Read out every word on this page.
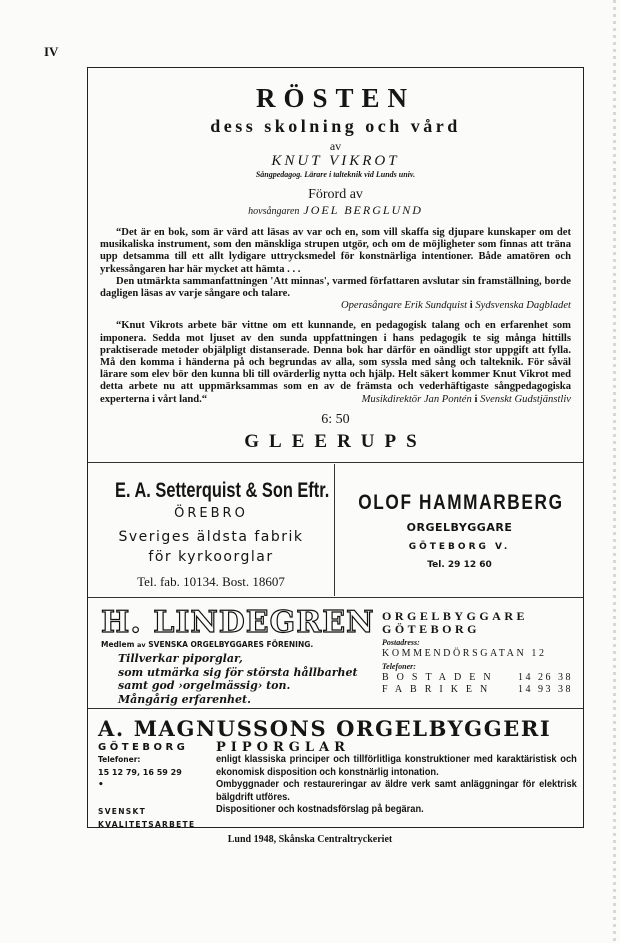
IV
RÖSTEN
dess skolning och vård
av
KNUT VIKROT
Sångpedagog. Lärare i talteknik vid Lunds univ.
Förord av
hovsångaren JOEL BERGLUND

“Det är en bok, som är värd att läsas av var och en, som vill skaffa sig djupare kunskaper om det musikaliska instrument, som den mänskliga strupen utgör, och om de möjligheter som finnas att träna upp detsamma till ett allt lydigare uttrycksmedel för konstnärliga intentioner. Både amatören och yrkessångaren har här mycket att hämta . . .

Den utmärkta sammanfattningen 'Att minnas', varmed författaren avslutar sin framställning, borde dagligen läsas av varje sångare och talare.

Operasångare Erik Sundquist i Sydsvenska Dagbladet

“Knut Vikrots arbete bär vittne om ett kunnande, en pedagogisk talang och en erfarenhet som imponera. Sedda mot ljuset av den sunda uppfattningen i hans pedagogik te sig många hittills praktiserade metoder objälpligt distanserade. Denna bok har därför en oändligt stor uppgift att fylla. Må den komma i händerna på och begrundas av alla, som syssla med sång och talteknik. För såväl lärare som elev bör den kunna bli till ovärderlig nytta och hjälp. Helt säkert kommer Knut Vikrot med detta arbete nu att uppmärksammas som en av de främsta och vederhäftigaste sångpedagogiska experterna i vårt land.“	Musikdirektör Jan Pontén i Svenskt Gudstjänstliv

6: 50
GLEERUPS
E. A. Setterquist & Son Eftr.
ÖREBRO
Sveriges äldsta fabrik
för kyrkoorglar
Tel. fab. 10134. Bost. 18607
OLOF HAMMARBERG
ORGELBYGGARE
GÖTEBORG V.
Tel. 29 12 60
H. LINDEGREN
Medlem av SVENSKA ORGELBYGGARES FÖRENING.
Tillverkar piporglar,
som utmärka sig för största hållbarhet
samt god ›orgelmässig› ton.
Mångårig erfarenhet.
ORGELBYGGARE
GÖTEBORG
Postadress:
KOMMENDÖRSGATAN 12
Telefoner:
BOSTADEN	14 26 38
FABRIKEN	14 93 38
A. MAGNUSSONS ORGELBYGGERI
GÖTEBORG
Telefoner:
15 12 79, 16 59 29
•
SVENSKT
KVALITETSARBETE
PIPORGLAR

enligt klassiska principer och tillförlitliga konstruktioner med karaktäristisk och ekonomisk disposition och konstnärlig intonation.

Ombyggnader och restaureringar av äldre verk samt anläggningar för elektrisk bälgdrift utföres.

Dispositioner och kostnadsförslag på begäran.

Lund 1948, Skånska Centraltryckeriet
